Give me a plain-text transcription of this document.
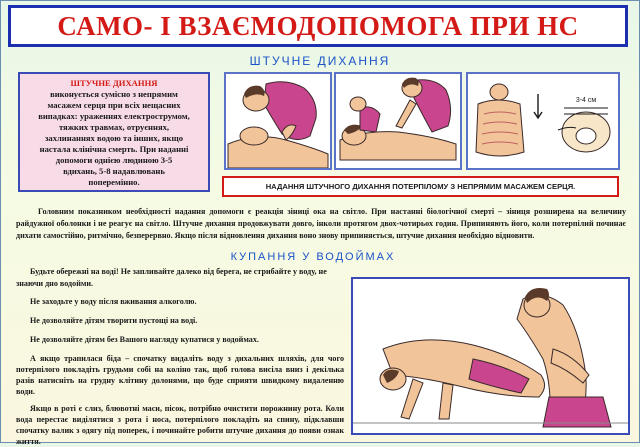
САМО- І ВЗАЄМОДОПОМОГА ПРИ НС
ШТУЧНЕ ДИХАННЯ
ШТУЧНЕ ДИХАННЯ
виконується сумісно з непрямим
масажем серця при всіх нещасних
випадках: ураженнях електрострумом,
тяжких травмах, отруєннях,
захлинаннях водою та інших, якщо
настала клінічна смерть. При наданні
допомоги однією людиною 3-5
вдихань, 5-8 надавлювань
поперемінно.
3-4 см
НАДАННЯ ШТУЧНОГО ДИХАННЯ ПОТЕРПІЛОМУ З НЕПРЯМИМ МАСАЖЕМ СЕРЦЯ.
Головним показником необхідності надання допомоги є реакція зіниці ока на світло. При настанні біологічної смерті – зіниця розширена на величину райдужної оболонки і не реагує на світло. Штучне дихання продовжувати довго, інколи протягом двох-чотирьох годин. Припиняють його, коли потерпілий починає дихати самостійно, ритмічно, безперервно. Якщо після відновлення дихання воно знову припиняється, штучне дихання необхідно відновити.
КУПАННЯ У ВОДОЙМАХ

Будьте обережні на воді! Не запливайте далеко від берега, не стрибайте у воду, не знаючи дно водойми.

Не заходьте у воду після вживання алкоголю.

Не дозволяйте дітям творити пустощі на воді.

Не дозволяйте дітям без Вашого нагляду купатися у водоймах.

А якщо трапилася біда – спочатку видаліть воду з дихальних шляхів, для чого потерпілого покладіть грудьми собі на коліно так, щоб голова висіла вниз і декілька разів натисніть на грудну клітину долонями, що буде сприяти швидкому видаленню води.

Якщо в роті є слиз, блювотні маси, пісок, потрібно очистити порожнину рота. Коли вода перестає виділятися з рота і носа, потерпілого покладіть на спину, підклавши спочатку валик з одягу під поперек, і починайте робити штучне дихання до появи ознак життя.
